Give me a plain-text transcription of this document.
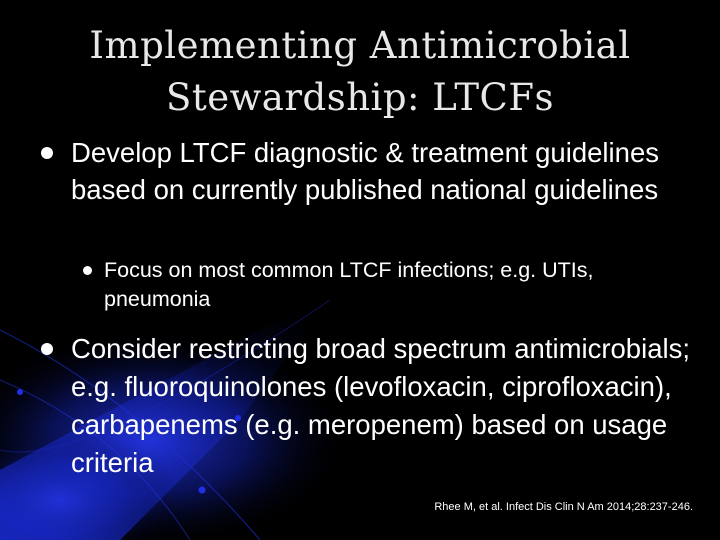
Implementing Antimicrobial
Stewardship: LTCFs
Develop LTCF diagnostic & treatment guidelines based on currently published national guidelines
Focus on most common LTCF infections; e.g. UTIs, pneumonia
Consider restricting broad spectrum antimicrobials; e.g. fluoroquinolones (levofloxacin, ciprofloxacin), carbapenems (e.g. meropenem) based on usage criteria
Rhee M, et al. Infect Dis Clin N Am 2014;28:237-246.
